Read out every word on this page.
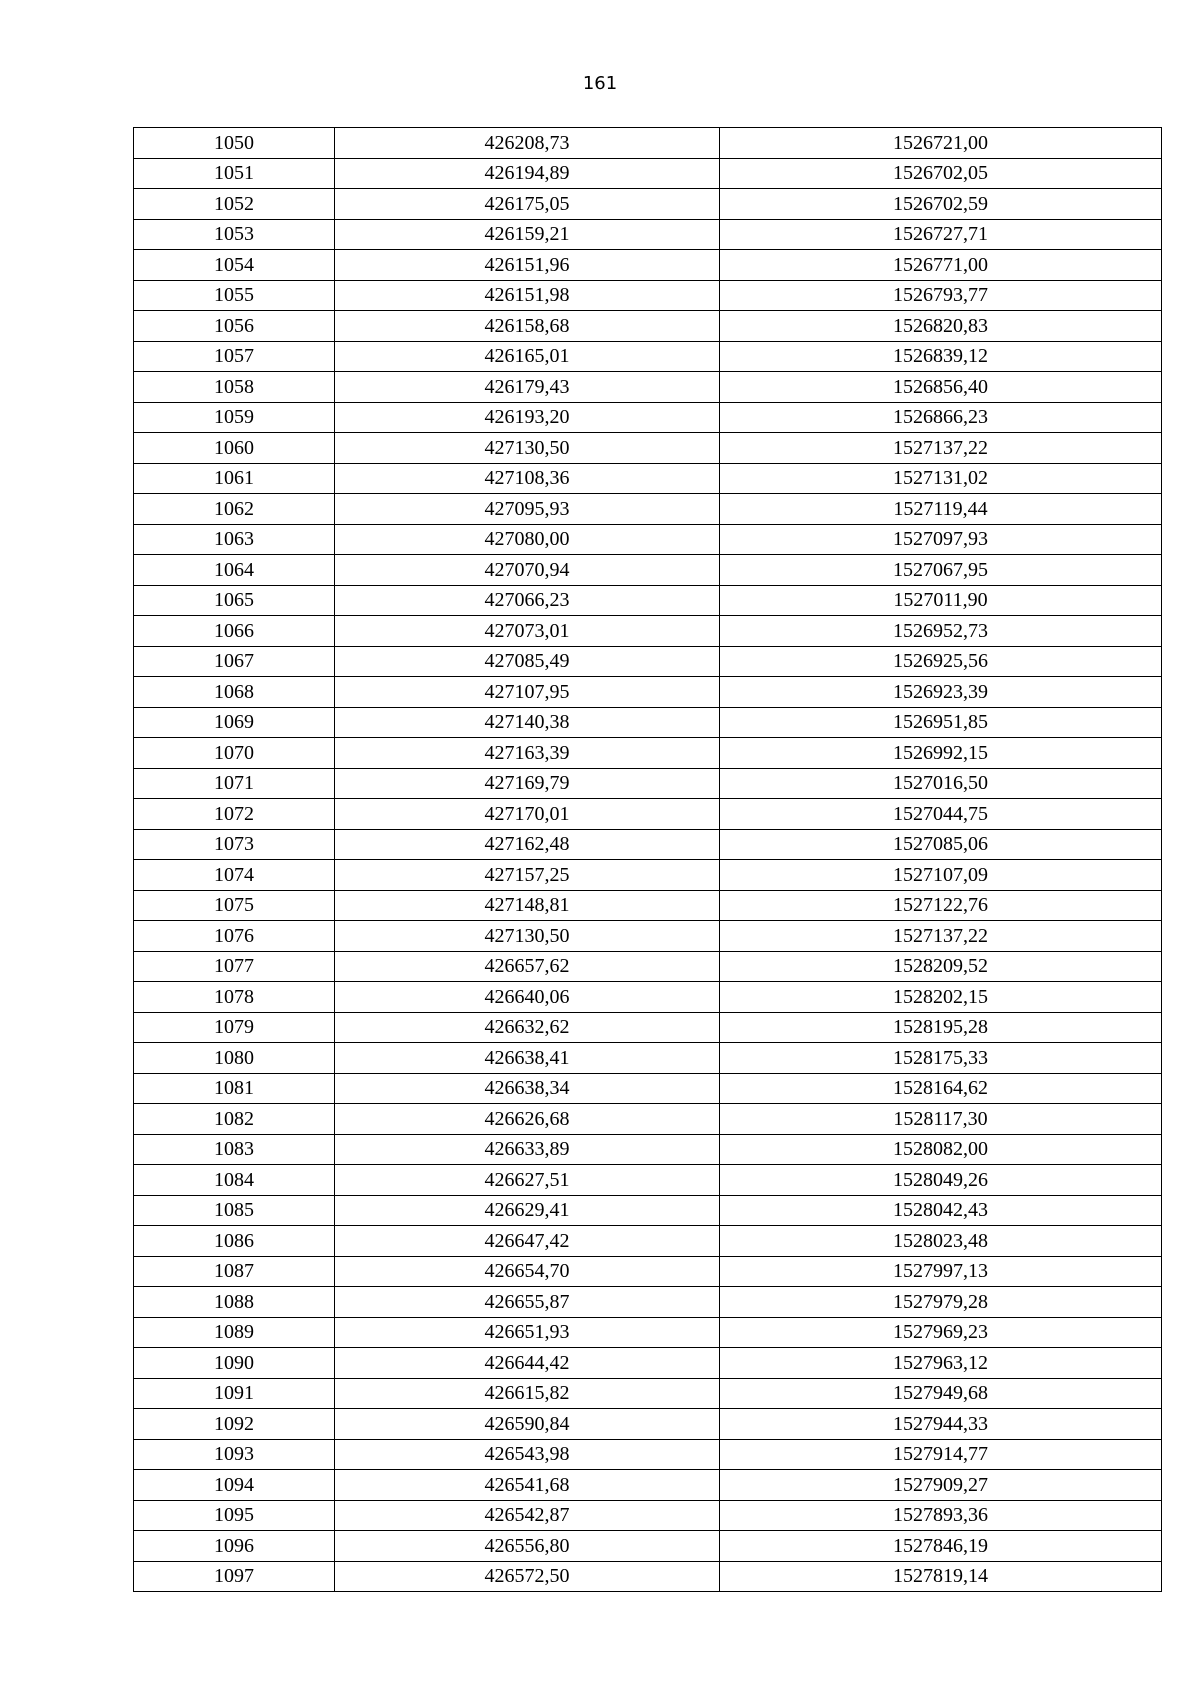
161
1050	426208,73	1526721,00
1051	426194,89	1526702,05
1052	426175,05	1526702,59
1053	426159,21	1526727,71
1054	426151,96	1526771,00
1055	426151,98	1526793,77
1056	426158,68	1526820,83
1057	426165,01	1526839,12
1058	426179,43	1526856,40
1059	426193,20	1526866,23
1060	427130,50	1527137,22
1061	427108,36	1527131,02
1062	427095,93	1527119,44
1063	427080,00	1527097,93
1064	427070,94	1527067,95
1065	427066,23	1527011,90
1066	427073,01	1526952,73
1067	427085,49	1526925,56
1068	427107,95	1526923,39
1069	427140,38	1526951,85
1070	427163,39	1526992,15
1071	427169,79	1527016,50
1072	427170,01	1527044,75
1073	427162,48	1527085,06
1074	427157,25	1527107,09
1075	427148,81	1527122,76
1076	427130,50	1527137,22
1077	426657,62	1528209,52
1078	426640,06	1528202,15
1079	426632,62	1528195,28
1080	426638,41	1528175,33
1081	426638,34	1528164,62
1082	426626,68	1528117,30
1083	426633,89	1528082,00
1084	426627,51	1528049,26
1085	426629,41	1528042,43
1086	426647,42	1528023,48
1087	426654,70	1527997,13
1088	426655,87	1527979,28
1089	426651,93	1527969,23
1090	426644,42	1527963,12
1091	426615,82	1527949,68
1092	426590,84	1527944,33
1093	426543,98	1527914,77
1094	426541,68	1527909,27
1095	426542,87	1527893,36
1096	426556,80	1527846,19
1097	426572,50	1527819,14
